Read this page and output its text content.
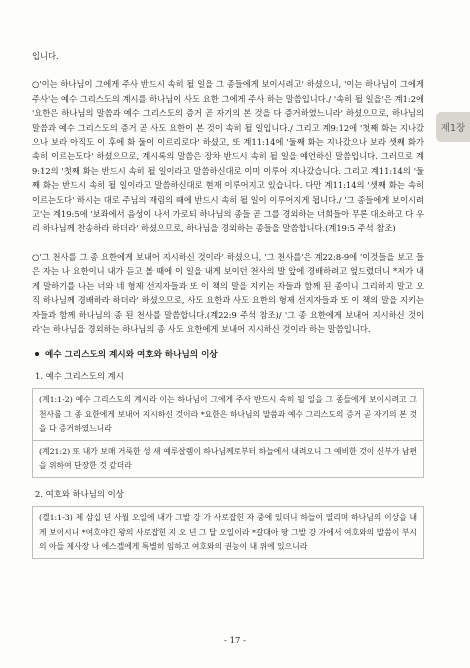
제1장

입니다.

○'이는 하나님이 그에게 주사 반드시 속히 될 일을 그 종들에게 보이시려고' 하셨으니, '이는 하나님이 그에게 주사'는 예수 그리스도의 계시를 하나님이 사도 요한 그에게 주사 하는 말씀입니다./ '속히 될 일을'은 계1:2에 '요한은 하나님의 말씀과 예수 그리스도의 증거 곧 자기의 본 것을 다 증거하였느니라' 하셨으므로, 하나님의 말씀과 예수 그리스도의 증거 곧 사도 요한이 본 것이 속히 될 일입니다./ 그리고 계9:12에 '첫째 화는 지나갔으나 보라 아직도 이 후에 화 둘이 이르리로다' 하셨고, 또 계11:14에 '둘째 화는 지나갔으나 보라 셋째 화가 속히 이르는도다' 하셨으므로, 계시록의 말씀은 장차 반드시 속히 될 일을 예언하신 말씀입니다. 그러므로 계9:12의 '첫째 화는 반드시 속히 될 일이라고 말씀하신대로 이미 이루어 지나갔습니다. 그리고 계11:14의 '둘째 화는 반드시 속히 될 일이라고 말씀하신대로 현재 이루어지고 있습니다. 다만 계11:14의 '셋째 화는 속히 이르는도다' 하시는 대로 주님의 재림의 때에 반드시 속히 될 일이 이루어지게 됩니다./ '그 종들에게 보이시려고'는 계19:5에 '보좌에서 음성이 나서 가로되 하나님의 종들 곧 그를 경외하는 너희들아 무론 대소하고 다 우리 하나님께 찬송하라 하더라' 하셨으므로, 하나님을 경외하는 종들을 말씀합니다.(계19:5 주석 참조)

○'그 천사를 그 종 요한에게 보내어 지시하신 것이라' 하셨으니, '그 천사를'은 계22:8-9에 '이것들을 보고 들은 자는 나 요한이니 내가 듣고 볼 때에 이 일을 내게 보이던 천사의 발 앞에 경배하려고 엎드렸더니 *저가 내게 말하기를 나는 너와 네 형제 선지자들과 또 이 책의 말을 지키는 자들과 함께 된 종이니 그리하지 말고 오직 하나님께 경배하라 하더라' 하셨으므로, 사도 요한과 사도 요한의 형제 선지자들과 또 이 책의 말을 지키는 자들과 함께 하나님의 종 된 천사를 말씀합니다.(계22:9 주석 참조)/ '그 종 요한에게 보내어 지시하신 것이라'는 하나님을 경외하는 하나님의 종 사도 요한에게 보내어 지시하신 것이라 하는 말씀입니다.

예수 그리스도의 계시와 여호와 하나님의 이상
1. 예수 그리스도의 계시
(계1:1-2) 예수 그리스도의 계시라 이는 하나님이 그에게 주사 반드시 속히 될 일을 그 종들에게 보이시려고 그 천사를 그 종 요한에게 보내어 지시하신 것이라 *요한은 하나님의 말씀과 예수 그리스도의 증거 곧 자기의 본 것을 다 증거하였느니라
(계21:2) 또 내가 보매 거룩한 성 새 예루살렘이 하나님께로부터 하늘에서 내려오니 그 예비한 것이 신부가 남편을 위하여 단장한 것 같더라
2. 여호와 하나님의 이상
(겔1:1-3) 제 삼십 년 사월 오일에 내가 그발 강 가 사로잡힌 자 중에 있더니 하늘이 열리며 하나님의 이상을 내게 보이시니 *여호야긴 왕의 사로잡힌 지 오 년 그 달 오일이라 *갈대아 땅 그발 강 가에서 여호와의 말씀이 부시의 아들 제사장 나 에스겔에게 특별히 임하고 여호와의 권능이 내 위에 있으니라
- 17 -
